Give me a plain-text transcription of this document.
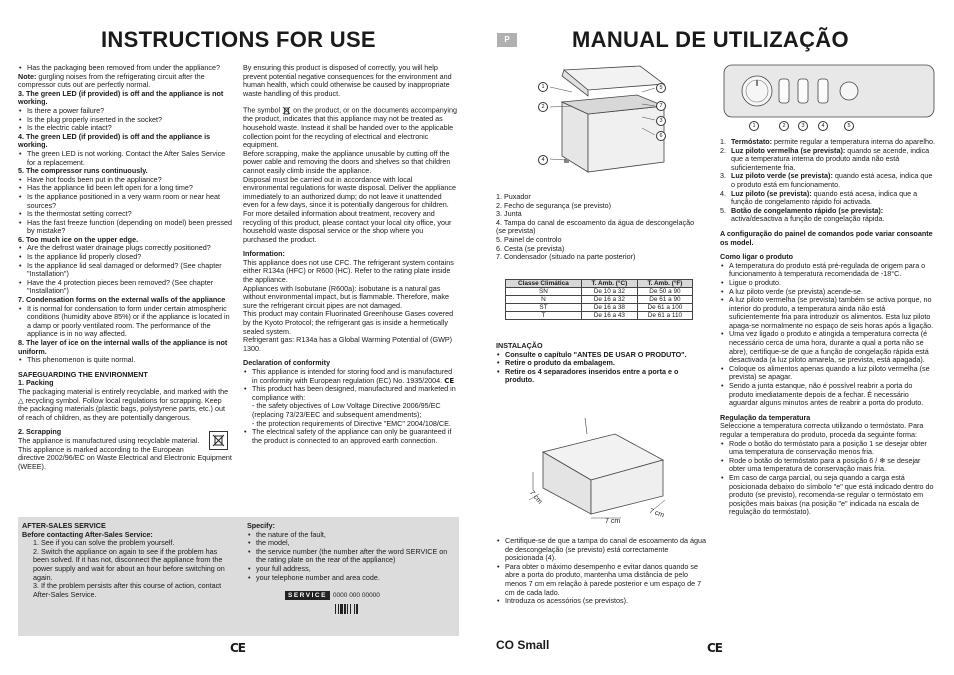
INSTRUCTIONS FOR USE	P	MANUAL DE UTILIZAÇÃO
• Has the packaging been removed from under the appliance?

Note: gurgling noises from the refrigerating circuit after the compressor cuts out are perfectly normal.

3. The green LED (if provided) is off and the appliance is not working.

• Is there a power failure?
• Is the plug properly inserted in the socket?
• Is the electric cable intact?

4. The green LED (if provided) is off and the appliance is working.

• The green LED is not working. Contact the After Sales Service for a replacement.

5. The compressor runs continuously.

• Have hot foods been put in the appliance?
• Has the appliance lid been left open for a long time?
• Is the appliance positioned in a very warm room or near heat sources?
• Is the thermostat setting correct?
• Has the fast freeze function (depending on model) been pressed by mistake?

6. Too much ice on the upper edge.

• Are the defrost water drainage plugs correctly positioned?
• Is the appliance lid properly closed?
• Is the appliance lid seal damaged or deformed? (See chapter "Installation")
• Have the 4 protection pieces been removed? (See chapter "Installation")

7. Condensation forms on the external walls of the appliance

• It is normal for condensation to form under certain atmospheric conditions (humidity above 85%) or if the appliance is located in a damp or poorly ventilated room. The performance of the appliance is in no way affected.

8. The layer of ice on the internal walls of the appliance is not uniform.

• This phenomenon is quite normal.

SAFEGUARDING THE ENVIRONMENT

1. Packing

The packaging material is entirely recyclable, and marked with the △ recycling symbol. Follow local regulations for scrapping. Keep the packaging materials (plastic bags, polystyrene parts, etc.) out of reach of children, as they are potentially dangerous.

2. Scrapping

The appliance is manufactured using recyclable material. This appliance is marked according to the European directive 2002/96/EC on Waste Electrical and Electronic Equipment (WEEE).

By ensuring this product is disposed of correctly, you will help prevent potential negative consequences for the environment and human health, which could otherwise be caused by inappropriate waste handling of this product.

The symbol  on the product, or on the documents accompanying the product, indicates that this appliance may not be treated as household waste. Instead it shall be handed over to the applicable collection point for the recycling of electrical and electronic equipment.

Before scrapping, make the appliance unusable by cutting off the power cable and removing the doors and shelves so that children cannot easily climb inside the appliance.

Disposal must be carried out in accordance with local environmental regulations for waste disposal. Deliver the appliance immediately to an authorized dump; do not leave it unattended even for a few days, since it is potentially dangerous for children. For more detailed information about treatment, recovery and recycling of this product, please contact your local city office, your household waste disposal service or the shop where you purchased the product.

Information:

This appliance does not use CFC. The refrigerant system contains either R134a (HFC) or R600 (HC). Refer to the rating plate inside the appliance.

Appliances with Isobutane (R600a): isobutane is a natural gas without environmental impact, but is flammable. Therefore, make sure the refrigerant circuit pipes are not damaged.

This product may contain Fluorinated Greenhouse Gases covered by the Kyoto Protocol; the refrigerant gas is inside a hermetically sealed system.

Refrigerant gas: R134a has a Global Warming Potential of (GWP) 1300.

Declaration of conformity

• This appliance is intended for storing food and is manufactured in conformity with European regulation (EC) No. 1935/2004. CE
• This product has been designed, manufactured and marketed in compliance with:
- the safety objectives of Low Voltage Directive 2006/95/EC (replacing 73/23/EEC and subsequent amendments);
- the protection requirements of Directive "EMC" 2004/108/CE.
• The electrical safety of the appliance can only be guaranteed if the product is connected to an approved earth connection.

AFTER-SALES SERVICE

Before contacting After-Sales Service:

1. See if you can solve the problem yourself.
2. Switch the appliance on again to see if the problem has been solved. If it has not, disconnect the appliance from the power supply and wait for about an hour before switching on again.
3. If the problem persists after this course of action, contact After-Sales Service.

Specify:

• the nature of the fault,
• the model,
• the service number (the number after the word SERVICE on the rating plate on the rear of the appliance)
• your full address,
• your telephone number and area code.
SERVICE 0000 000 00000
1
2
4
5
7
3
6

1. Puxador

2. Fecho de segurança (se previsto)

3. Junta

4. Tampa do canal de escoamento da água de descongelação (se prevista)

5. Painel de controlo

6. Cesta (se prevista)

7. Condensador (situado na parte posterior)

Classe Climática	T. Amb. (°C)	T. Amb. (°F)
SN	De 10 a 32	De 50 a 90
N	De 16 a 32	De 61 a 90
ST	De 16 a 38	De 61 a 100
T	De 16 a 43	De 61 a 110

INSTALAÇÃO

• Consulte o capítulo "ANTES DE USAR O PRODUTO".
• Retire o produto da embalagem.
• Retire os 4 separadores inseridos entre a porta e o produto.
7 cm
7 cm
7 cm
• Certifique-se de que a tampa do canal de escoamento da água de descongelação (se previsto) está correctamente posicionada (4).
• Para obter o máximo desempenho e evitar danos quando se abre a porta do produto, mantenha uma distância de pelo menos 7 cm em relação à parede posterior e um espaço de 7 cm de cada lado.
• Introduza os acessórios (se previstos).
1	2	3	4	5
1. Termóstato: permite regular a temperatura interna do aparelho.
2. Luz piloto vermelha (se prevista): quando se acende, indica que a temperatura interna do produto ainda não está suficientemente fria.
3. Luz piloto verde (se prevista): quando está acesa, indica que o produto está em funcionamento.
4. Luz piloto (se prevista): quando está acesa, indica que a função de congelamento rápido foi activada.
5. Botão de congelamento rápido (se prevista): activa/desactiva a função de congelação rápida.

A configuração do painel de comandos pode variar consoante os model.

Como ligar o produto

• A temperatura do produto está pré-regulada de origem para o funcionamento à temperatura recomendada de -18°C.
• Ligue o produto.
• A luz piloto verde (se prevista) acende-se.
• A luz piloto vermelha (se prevista) também se activa porque, no interior do produto, a temperatura ainda não está suficientemente fria para introduzir os alimentos. Esta luz piloto apaga-se normalmente no espaço de seis horas após a ligação.
• Uma vez ligado o produto e atingida a temperatura correcta (é necessário cerca de uma hora, durante a qual a porta não se abre), certifique-se de que a função de congelação rápida está desactivada (a luz piloto amarela, se prevista, está apagada).
• Coloque os alimentos apenas quando a luz piloto vermelha (se prevista) se apagar.
• Sendo a junta estanque, não é possível reabrir a porta do produto imediatamente depois de a fechar. É necessário aguardar alguns minutos antes de reabrir a porta do produto.

Regulação da temperatura

Seleccione a temperatura correcta utilizando o termóstato. Para regular a temperatura do produto, proceda da seguinte forma:

• Rode o botão do termóstato para a posição 1 se desejar obter uma temperatura de conservação menos fria.
• Rode o botão do termóstato para a posição 6 / ❄ se desejar obter uma temperatura de conservação mais fria.
• Em caso de carga parcial, ou seja quando a carga está posicionada debaixo do símbolo "e" que está indicado dentro do produto (se previsto), recomenda-se regular o termóstato em posições mais baixas (na posição "e" indicada na escala de regulação do termóstato).
CE	CO Small	CE
